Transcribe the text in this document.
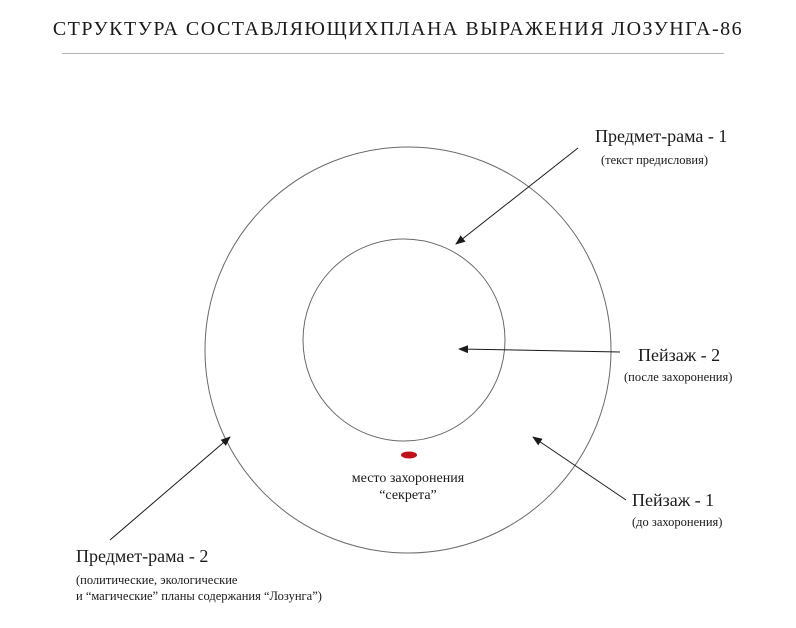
СТРУКТУРА СОСТАВЛЯЮЩИХПЛАНА ВЫРАЖЕНИЯ ЛОЗУНГА-86
Предмет-рама - 1
(текст предисловия)
Пейзаж - 2
(после захоронения)
Пейзаж - 1
(до захоронения)
Предмет-рама - 2
(политические, экологические
и “магические” планы содержания “Лозунга”)
место захоронения
“секрета”
